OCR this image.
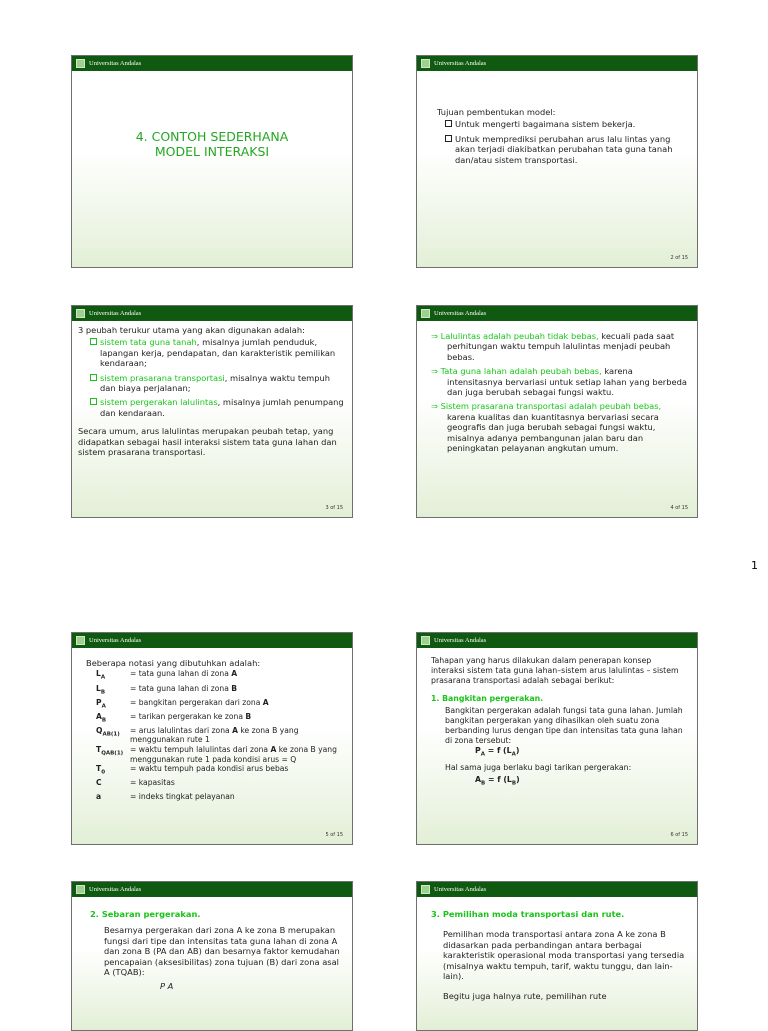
Universitas Andalas
4. CONTOH SEDERHANA
MODEL INTERAKSI
Universitas Andalas
Tujuan pembentukan model:
Untuk mengerti bagaimana sistem bekerja.
Untuk memprediksi perubahan arus lalu lintas yang akan terjadi diakibatkan perubahan tata guna tanah dan/atau sistem transportasi.
2 of 15
Universitas Andalas
3 peubah terukur utama yang akan digunakan adalah:
sistem tata guna tanah, misalnya jumlah penduduk, lapangan kerja, pendapatan, dan karakteristik pemilikan kendaraan;
sistem prasarana transportasi, misalnya waktu tempuh dan biaya perjalanan;
sistem pergerakan lalulintas, misalnya jumlah penumpang dan kendaraan.
Secara umum, arus lalulintas merupakan peubah tetap, yang didapatkan sebagai hasil interaksi sistem tata guna lahan dan sistem prasarana transportasi.
3 of 15
Universitas Andalas
⇒ Lalulintas adalah peubah tidak bebas, kecuali pada saat perhitungan waktu tempuh lalulintas menjadi peubah bebas.
⇒ Tata guna lahan adalah peubah bebas, karena intensitasnya bervariasi untuk setiap lahan yang berbeda dan juga berubah sebagai fungsi waktu.
⇒ Sistem prasarana transportasi adalah peubah bebas, karena kualitas dan kuantitasnya bervariasi secara geografis dan juga berubah sebagai fungsi waktu, misalnya adanya pembangunan jalan baru dan peningkatan pelayanan angkutan umum.
4 of 15
1
Universitas Andalas
Beberapa notasi yang dibutuhkan adalah:
$L_A$	= tata guna lahan di zona A
$L_B$	= tata guna lahan di zona B
$P_A$	= bangkitan pergerakan dari zona A
$A_B$	= tarikan pergerakan ke zona B
$Q_{AB(1)}$	= arus lalulintas dari zona A ke zona B yang menggunakan rute 1
$T_{QAB(1)}$	= waktu tempuh lalulintas dari zona A ke zona B yang menggunakan rute 1 pada kondisi arus = Q
$T_0$	= waktu tempuh pada kondisi arus bebas
C	= kapasitas
a	= indeks tingkat pelayanan
5 of 15
Universitas Andalas
Tahapan yang harus dilakukan dalam penerapan konsep interaksi sistem tata guna lahan–sistem arus lalulintas – sistem prasarana transportasi adalah sebagai berikut:
1. Bangkitan pergerakan.
Bangkitan pergerakan adalah fungsi tata guna lahan. Jumlah bangkitan pergerakan yang dihasilkan oleh suatu zona berbanding lurus dengan tipe dan intensitas tata guna lahan di zona tersebut:
$P_A = f$ $(L_A)$
Hal sama juga berlaku bagi tarikan pergerakan:
$A_B = f$ $(L_B)$
6 of 15
Universitas Andalas
2. Sebaran pergerakan.
Besarnya pergerakan dari zona A ke zona B merupakan fungsi dari tipe dan intensitas tata guna lahan di zona A dan zona B (PA dan AB) dan besarnya faktor kemudahan pencapaian (aksesibilitas) zona tujuan (B) dari zona asal A (TQAB):
P A
Universitas Andalas
3. Pemilihan moda transportasi dan rute.
Pemilihan moda transportasi antara zona A ke zona B didasarkan pada perbandingan antara berbagai karakteristik operasional moda transportasi yang tersedia (misalnya waktu tempuh, tarif, waktu tunggu, dan lain-lain).
Begitu juga halnya rute, pemilihan rute
